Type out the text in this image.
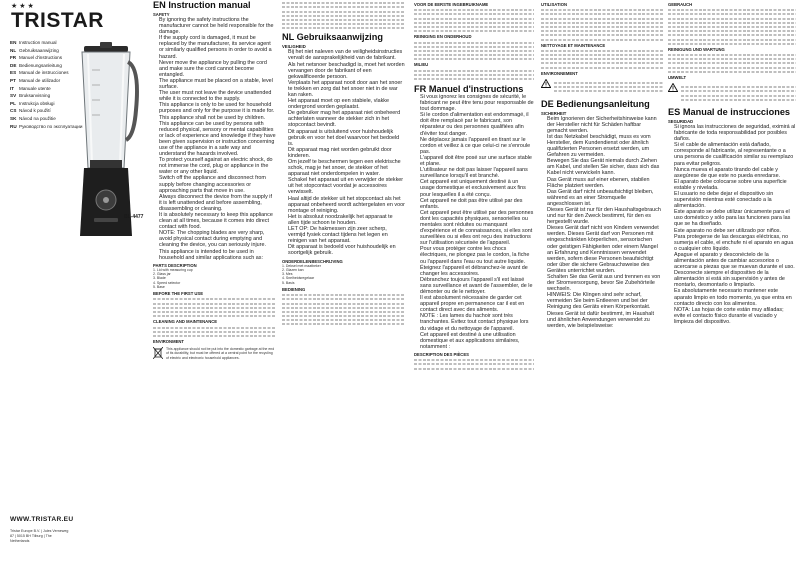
★★★
TRISTAR
EN Instruction manual
NL Gebruiksaanwijzing
FR Manuel d'instructions
DE Bedienungsanleitung
ES Manual de instrucciones
PT Manual de utilizador
IT Manuale utente
SV Bruksanvisning
PL Instrukcja obsługi
CS Návod k použití
SK Návod na použitie
RU Руководство по эксплуатации
BL-4477
WWW.TRISTAR.EU
Tristar Europe B.V. | Jules Verneweg 87 | 5015 BH Tilburg | The Netherlands
EN Instruction manual
SAFETY
• By ignoring the safety instructions the manufacturer cannot be held responsible for the damage.
• If the supply cord is damaged, it must be replaced by the manufacturer, its service agent or similarly qualified persons in order to avoid a hazard.
• Never move the appliance by pulling the cord and make sure the cord cannot become entangled.
• The appliance must be placed on a stable, level surface.
• The user must not leave the device unattended while it is connected to the supply.
• This appliance is only to be used for household purposes and only for the purpose it is made for.
• This appliance shall not be used by children.
• This appliance can be used by persons with reduced physical, sensory or mental capabilities or lack of experience and knowledge if they have been given supervision or instruction concerning use of the appliance in a safe way and understand the hazards involved.
• To protect yourself against an electric shock, do not immerse the cord, plug or appliance in the water or any other liquid.
• Switch off the appliance and disconnect from supply before changing accessories or approaching parts that move in use.
• Always disconnect the device from the supply if it is left unattended and before assembling, disassembling or cleaning.
• It is absolutely necessary to keep this appliance clean at all times, because it comes into direct contact with food.
• NOTE: The chopping blades are very sharp, avoid physical contact during emptying and cleaning the device, you can seriously injure.
• This appliance is intended to be used in household and similar applications such as:
PARTS DESCRIPTION
1. Lid with measuring cup
2. Glass jar
3. Blade
4. Speed selector
5. Base
BEFORE THE FIRST USE
CLEANING AND MAINTENANCE
ENVIRONMENT
This appliance should not be put into the domestic garbage at the end of its durability, but must be offered at a central point for the recycling of electric and electronic household appliances.
NL Gebruiksaanwijzing
VEILIGHEID
• Bij het niet naleven van de veiligheidsinstructies vervalt de aansprakelijkheid van de fabrikant.
• Als het netsnoer beschadigd is, moet het worden vervangen door de fabrikant of een gekwalificeerde persoon.
• Verplaats het apparaat nooit door aan het snoer te trekken en zorg dat het snoer niet in de war kan raken.
• Het apparaat moet op een stabiele, vlakke ondergrond worden geplaatst.
• De gebruiker mag het apparaat niet onbeheerd achterlaten wanneer de stekker zich in het stopcontact bevindt.
• Dit apparaat is uitsluitend voor huishoudelijk gebruik en voor het doel waarvoor het bedoeld is.
• Dit apparaat mag niet worden gebruikt door kinderen.
• Om jezelf te beschermen tegen een elektrische schok, mag je het snoer, de stekker of het apparaat niet onderdompelen in water.
• Schakel het apparaat uit en verwijder de stekker uit het stopcontact voordat je accessoires verwisselt.
• Haal altijd de stekker uit het stopcontact als het apparaat onbeheerd wordt achtergelaten en voor montage of reiniging.
• Het is absoluut noodzakelijk het apparaat te allen tijde schoon te houden.
• LET OP: De hakmessen zijn zeer scherp, vermijd fysiek contact tijdens het legen en reinigen van het apparaat.
• Dit apparaat is bedoeld voor huishoudelijk en soortgelijk gebruik.
ONDERDELENBESCHRIJVING
1. Deksel met maatbeker
2. Glazen kan
3. Mes
4. Snelheidsregelaar
5. Basis
BEDIENING
VOOR DE EERSTE INGEBRUIKNAME
REINIGING EN ONDERHOUD
MILIEU
FR Manuel d'instructions
• Si vous ignorez les consignes de sécurité, le fabricant ne peut être tenu pour responsable de tout dommage.
• Si le cordon d'alimentation est endommagé, il doit être remplacé par le fabricant, son réparateur ou des personnes qualifiées afin d'éviter tout danger.
• Ne déplacez jamais l'appareil en tirant sur le cordon et veillez à ce que celui-ci ne s'enroule pas.
• L'appareil doit être posé sur une surface stable et plane.
• L'utilisateur ne doit pas laisser l'appareil sans surveillance lorsqu'il est branché.
• Cet appareil est uniquement destiné à un usage domestique et exclusivement aux fins pour lesquelles il a été conçu.
• Cet appareil ne doit pas être utilisé par des enfants.
• Cet appareil peut être utilisé par des personnes dont les capacités physiques, sensorielles ou mentales sont réduites ou manquant d'expérience et de connaissances, si elles sont surveillées ou si elles ont reçu des instructions sur l'utilisation sécurisée de l'appareil.
• Pour vous protéger contre les chocs électriques, ne plongez pas le cordon, la fiche ou l'appareil dans l'eau ou tout autre liquide.
• Éteignez l'appareil et débranchez-le avant de changer les accessoires.
• Débranchez toujours l'appareil s'il est laissé sans surveillance et avant de l'assembler, de le démonter ou de le nettoyer.
• Il est absolument nécessaire de garder cet appareil propre en permanence car il est en contact direct avec des aliments.
• NOTE : Les lames du hachoir sont très tranchantes. Évitez tout contact physique lors du vidage et du nettoyage de l'appareil.
• Cet appareil est destiné à une utilisation domestique et aux applications similaires, notamment :
DESCRIPTION DES PIÈCES
UTILISATION
NETTOYAGE ET MAINTENANCE
ENVIRONNEMENT
DE Bedienungsanleitung
SICHERHEIT
• Beim Ignorieren der Sicherheitshinweise kann der Hersteller nicht für Schäden haftbar gemacht werden.
• Ist das Netzkabel beschädigt, muss es vom Hersteller, dem Kundendienst oder ähnlich qualifizierten Personen ersetzt werden, um Gefahren zu vermeiden.
• Bewegen Sie das Gerät niemals durch Ziehen am Kabel, und stellen Sie sicher, dass sich das Kabel nicht verwickeln kann.
• Das Gerät muss auf einer ebenen, stabilen Fläche platziert werden.
• Das Gerät darf nicht unbeaufsichtigt bleiben, während es an einer Stromquelle angeschlossen ist.
• Dieses Gerät ist nur für den Haushaltsgebrauch und nur für den Zweck bestimmt, für den es hergestellt wurde.
• Dieses Gerät darf nicht von Kindern verwendet werden. Dieses Gerät darf von Personen mit eingeschränkten körperlichen, sensorischen oder geistigen Fähigkeiten oder einem Mangel an Erfahrung und Kenntnissen verwendet werden, sofern diese Personen beaufsichtigt oder über die sichere Gebrauchsweise des Gerätes unterrichtet wurden.
• Schalten Sie das Gerät aus und trennen es von der Stromversorgung, bevor Sie Zubehörteile wechseln.
• HINWEIS: Die Klingen sind sehr scharf, vermeiden Sie beim Entleeren und bei der Reinigung des Geräts einen Körperkontakt.
• Dieses Gerät ist dafür bestimmt, im Haushalt und ähnlichen Anwendungen verwendet zu werden, wie beispielsweise:
GEBRAUCH
REINIGUNG UND WARTUNG
UMWELT
ES Manual de instrucciones
SEGURIDAD
• Si ignora las instrucciones de seguridad, eximirá al fabricante de toda responsabilidad por posibles daños.
• Si el cable de alimentación está dañado, corresponde al fabricante, al representante o a una persona de cualificación similar su reemplazo para evitar peligros.
• Nunca mueva el aparato tirando del cable y asegúrese de que este no pueda enredarse.
• El aparato debe colocarse sobre una superficie estable y nivelada.
• El usuario no debe dejar el dispositivo sin supervisión mientras esté conectado a la alimentación.
• Este aparato se debe utilizar únicamente para el uso doméstico y sólo para las funciones para las que se ha diseñado.
• Este aparato no debe ser utilizado por niños.
• Para protegerse de las descargas eléctricas, no sumerja el cable, el enchufe ni el aparato en agua o cualquier otro líquido.
• Apague el aparato y desconéctelo de la alimentación antes de cambiar accesorios o acercarse a piezas que se muevan durante el uso.
• Desconecte siempre el dispositivo de la alimentación si está sin supervisión y antes de montarlo, desmontarlo o limpiarlo.
• Es absolutamente necesario mantener este aparato limpio en todo momento, ya que entra en contacto directo con los alimentos.
• NOTA: Las hojas de corte están muy afiladas; evite el contacto físico durante el vaciado y limpieza del dispositivo.
